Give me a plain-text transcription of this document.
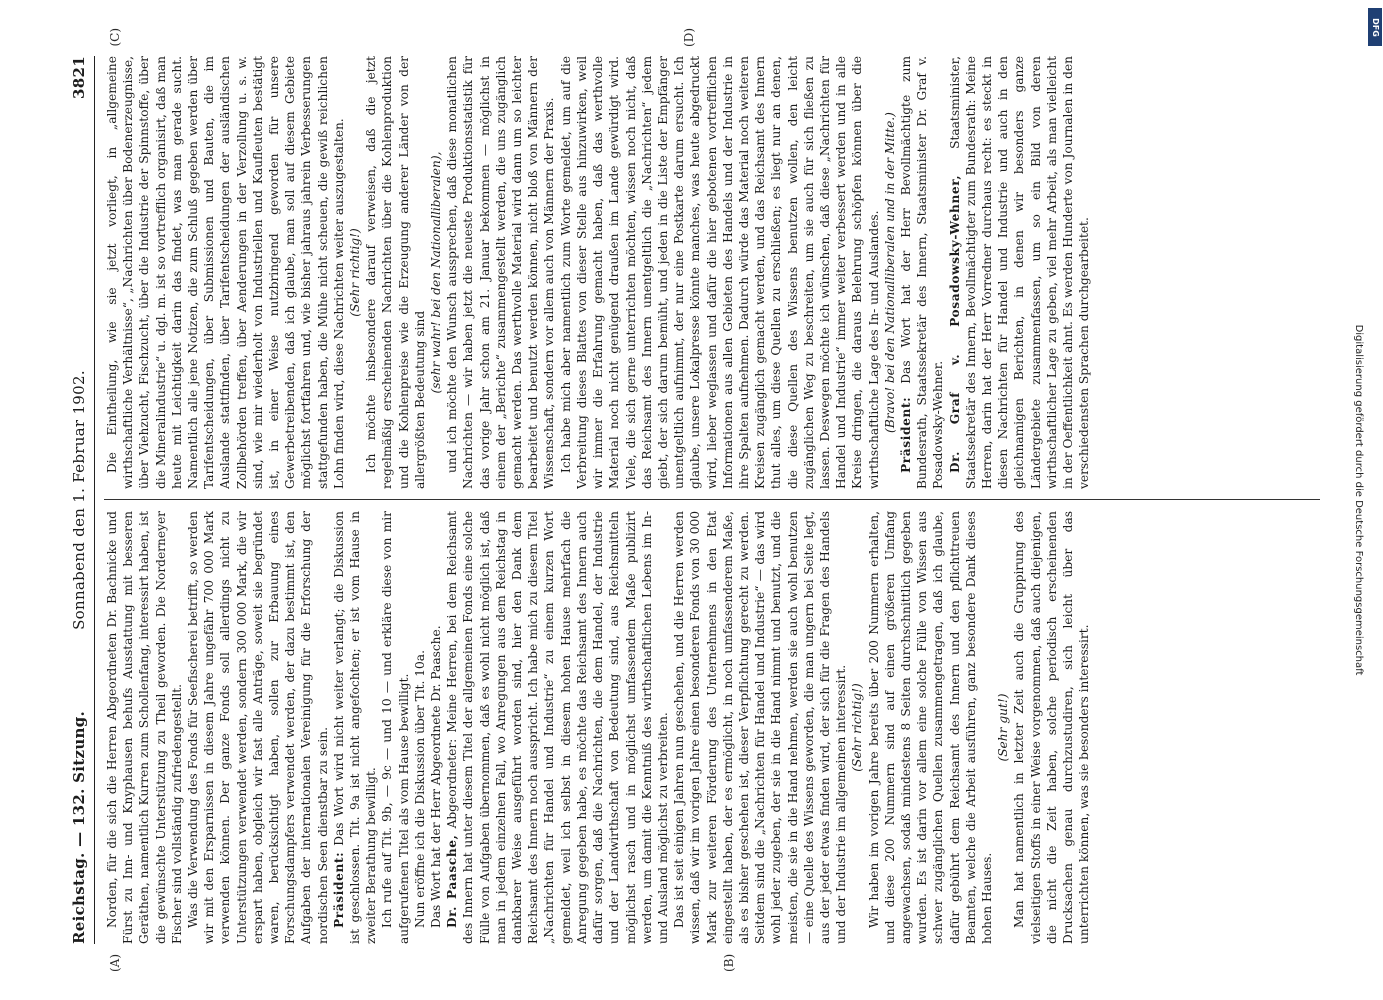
Reichstag. — 132. Sitzung.
Sonnabend den 1. Februar 1902.
3821
(A)	(B)
(C)	(D)

Norden, für die sich die Herren Abgeordneten Dr. Bachnicke und Fürst zu Inn- und Knyphausen behufs Ausstattung mit besseren Geräthen, namentlich Kurren zum Schollenfang, interessirt haben, ist die gewünschte Unterstützung zu Theil geworden. Die Norderneyer Fischer sind vollständig zufriedengestellt. Was die Verwendung des Fonds für Seefischerei betrifft, so werden wir mit den Ersparnissen in diesem Jahre ungefähr 700 000 Mark verwenden können. Der ganze Fonds soll allerdings nicht zu Unterstützungen verwendet werden, sondern 300 000 Mark, die wir erspart haben, obgleich wir fast alle Anträge, soweit sie begründet waren, berücksichtigt haben, sollen zur Erbauung eines Forschungsdampfers verwendet werden, der dazu bestimmt ist, den Aufgaben der internationalen Vereinigung für die Erforschung der nordischen Seen dienstbar zu sein. Präsident: Das Wort wird nicht weiter verlangt; die Diskussion ist geschlossen. Tit. 9a ist nicht angefochten; er ist vom Hause in zweiter Berathung bewilligt. Ich rufe auf Tit. 9b, — 9c — und 10 — und erkläre diese von mir aufgerufenen Titel als vom Hause bewilligt. Nun eröffne ich die Diskussion über Tit. 10a. Das Wort hat der Herr Abgeordnete Dr. Paasche. Dr. Paasche, Abgeordneter: Meine Herren, bei dem Reichsamt des Innern hat unter diesem Titel der allgemeinen Fonds eine solche Fülle von Aufgaben übernommen, daß es wohl nicht möglich ist, daß man in jedem einzelnen Fall, wo Anregungen aus dem Reichstag in dankbarer Weise ausgeführt worden sind, hier den Dank dem Reichsamt des Innern noch ausspricht. Ich habe mich zu diesem Titel „Nachrichten für Handel und Industrie“ zu einem kurzen Wort gemeldet, weil ich selbst in diesem hohen Hause mehrfach die Anregung gegeben habe, es möchte das Reichsamt des Innern auch dafür sorgen, daß die Nachrichten, die dem Handel, der Industrie und der Landwirthschaft von Bedeutung sind, aus Reichsmitteln möglichst rasch und in möglichst umfassendem Maße publizirt werden, um damit die Kenntniß des wirthschaftlichen Lebens im In- und Ausland möglichst zu verbreiten. Das ist seit einigen Jahren nun geschehen, und die Herren werden wissen, daß wir im vorigen Jahre einen besonderen Fonds von 30 000 Mark zur weiteren Förderung des Unternehmens in den Etat eingestellt haben, der es ermöglicht, in noch umfassenderem Maße, als es bisher geschehen ist, dieser Verpflichtung gerecht zu werden. Seitdem sind die „Nachrichten für Handel und Industrie“ — das wird wohl jeder zugeben, der sie in die Hand nimmt und benutzt, und die meisten, die sie in die Hand nehmen, werden sie auch wohl benutzen — eine Quelle des Wissens geworden, die man ungern bei Seite legt, aus der jeder etwas finden wird, der sich für die Fragen des Handels und der Industrie im allgemeinen interessirt. (Sehr richtig!) Wir haben im vorigen Jahre bereits über 200 Nummern erhalten, und diese 200 Nummern sind auf einen größeren Umfang angewachsen, sodaß mindestens 8 Seiten durchschnittlich gegeben wurden. Es ist darin vor allem eine solche Fülle von Wissen aus schwer zugänglichen Quellen zusammengetragen, daß ich glaube, dafür gebührt dem Reichsamt des Innern und den pflichttreuen Beamten, welche die Arbeit ausführen, ganz besondere Dank dieses hohen Hauses.

(Sehr gut!) Man hat namentlich in letzter Zeit auch die Gruppirung des vielseitigen Stoffs in einer Weise vorgenommen, daß auch diejenigen, die nicht die Zeit haben, solche periodisch erscheinenden Drucksachen genau durchzustudiren, sich leicht über das unterrichten können, was sie besonders interessirt.

Die Eintheilung, wie sie jetzt vorliegt, in „allgemeine wirthschaftliche Verhältnisse“, „Nachrichten über Bodenerzeugnisse, über Viehzucht, Fischzucht, über die Industrie der Spinnstoffe, über die Mineralindustrie“ u. dgl. m. ist so vortrefflich organisirt, daß man heute mit Leichtigkeit darin das findet, was man gerade sucht. Namentlich alle jene Notizen, die zum Schluß gegeben werden über Tarifentscheidungen, über Submissionen und Bauten, die im Auslande stattfinden, über Tarifentscheidungen der ausländischen Zollbehörden treffen, über Aenderungen in der Verzollung u. s. w. sind, wie mir wiederholt von Industriellen und Kaufleuten bestätigt ist, in einer Weise nutzbringend geworden für unsere Gewerbetreibenden, daß ich glaube, man soll auf diesem Gebiete möglichst fortfahren und, wie bisher jahraus jahrein Verbesserungen stattgefunden haben, die Mühe nicht scheuen, die gewiß reichlichen Lohn finden wird, diese Nachrichten weiter auszugestalten. (Sehr richtig!) Ich möchte insbesondere darauf verweisen, daß die jetzt regelmäßig erscheinenden Nachrichten über die Kohlenproduktion und die Kohlenpreise wie die Erzeugung anderer Länder von der allergrößten Bedeutung sind

(sehr wahr! bei den Nationalliberalen), und ich möchte den Wunsch aussprechen, daß diese monatlichen Nachrichten — wir haben jetzt die neueste Produktionsstatistik für das vorige Jahr schon am 21. Januar bekommen — möglichst in einem der „Berichte“ zusammengestellt werden, die uns zugänglich gemacht werden. Das werthvolle Material wird dann um so leichter bearbeitet und benutzt werden können, nicht bloß von Männern der Wissenschaft, sondern vor allem auch von Männern der Praxis. Ich habe mich aber namentlich zum Worte gemeldet, um auf die Verbreitung dieses Blattes von dieser Stelle aus hinzuwirken, weil wir immer die Erfahrung gemacht haben, daß das werthvolle Material noch nicht genügend draußen im Lande gewürdigt wird. Viele, die sich gerne unterrichten möchten, wissen noch nicht, daß das Reichsamt des Innern unentgeltlich die „Nachrichten“ jedem giebt, der sich darum bemüht, und jeden in die Liste der Empfänger unentgeltlich aufnimmt, der nur eine Postkarte darum ersucht. Ich glaube, unsere Lokalpresse könnte manches, was heute abgedruckt wird, lieber weglassen und dafür die hier gebotenen vortrefflichen Informationen aus allen Gebieten des Handels und der Industrie in ihre Spalten aufnehmen. Dadurch würde das Material noch weiteren Kreisen zugänglich gemacht werden, und das Reichsamt des Innern thut alles, um diese Quellen zu erschließen; es liegt nur an denen, die diese Quellen des Wissens benutzen wollen, den leicht zugänglichen Weg zu beschreiten, um sie auch für sich fließen zu lassen. Deswegen möchte ich wünschen, daß diese „Nachrichten für Handel und Industrie“ immer weiter verbessert werden und in alle Kreise dringen, die daraus Belehrung schöpfen können über die wirthschaftliche Lage des In- und Auslandes. (Bravo! bei den Nationalliberalen und in der Mitte.)

Präsident: Das Wort hat der Herr Bevollmächtigte zum Bundesrath, Staatssekretär des Innern, Staatsminister Dr. Graf v. Posadowsky-Wehner. Dr. Graf v. Posadowsky-Wehner, Staatsminister, Staatssekretär des Innern, Bevollmächtigter zum Bundesrath: Meine Herren, darin hat der Herr Vorredner durchaus recht: es steckt in diesen Nachrichten für Handel und Industrie und auch in den gleichnamigen Berichten, in denen wir besonders ganze Ländergebiete zusammenfassen, um so ein Bild von deren wirthschaftlicher Lage zu geben, viel mehr Arbeit, als man vielleicht in der Oeffentlichkeit ahnt. Es werden Hunderte von Journalen in den verschiedensten Sprachen durchgearbeitet.	Digitalisierung gefördert durch die Deutsche Forschungsgemeinschaft
DFG
